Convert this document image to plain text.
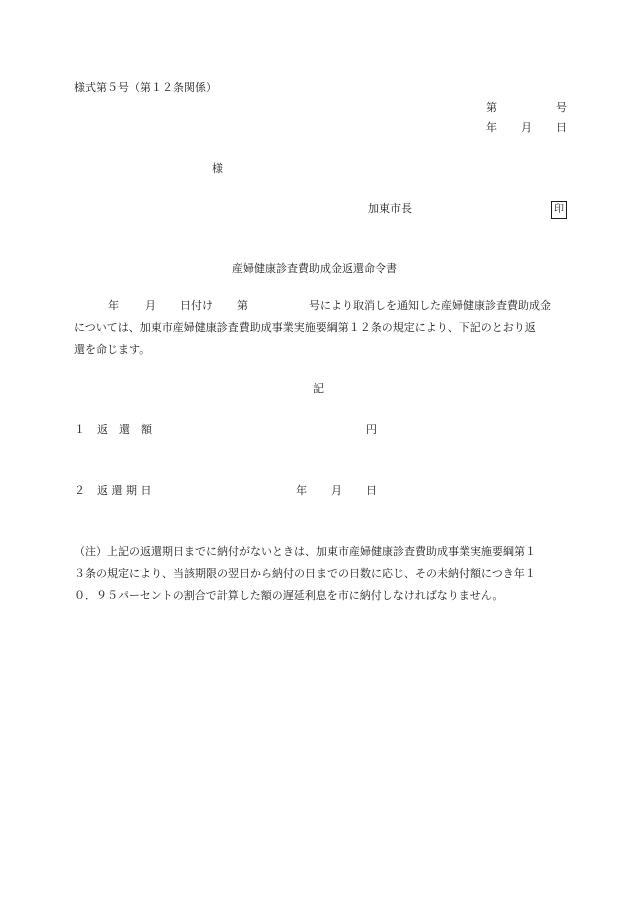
様式第５号（第１２条関係）
第	号
年 月 日
様
加東市長	印
産婦健康診査費助成金返還命令書
年 月 日付け 第	号により取消しを通知した産婦健康診査費助成金
については、加東市産婦健康診査費助成事業実施要綱第１２条の規定により、下記のとおり返
還を命じます。
記
１ 返　還　額	円
２ 返 還 期 日	年 月 日
（注）上記の返還期日までに納付がないときは、加東市産婦健康診査費助成事業実施要綱第１
３条の規定により、当該期限の翌日から納付の日までの日数に応じ、その未納付額につき年１
０．９５パーセントの割合で計算した額の遅延利息を市に納付しなければなりません。
